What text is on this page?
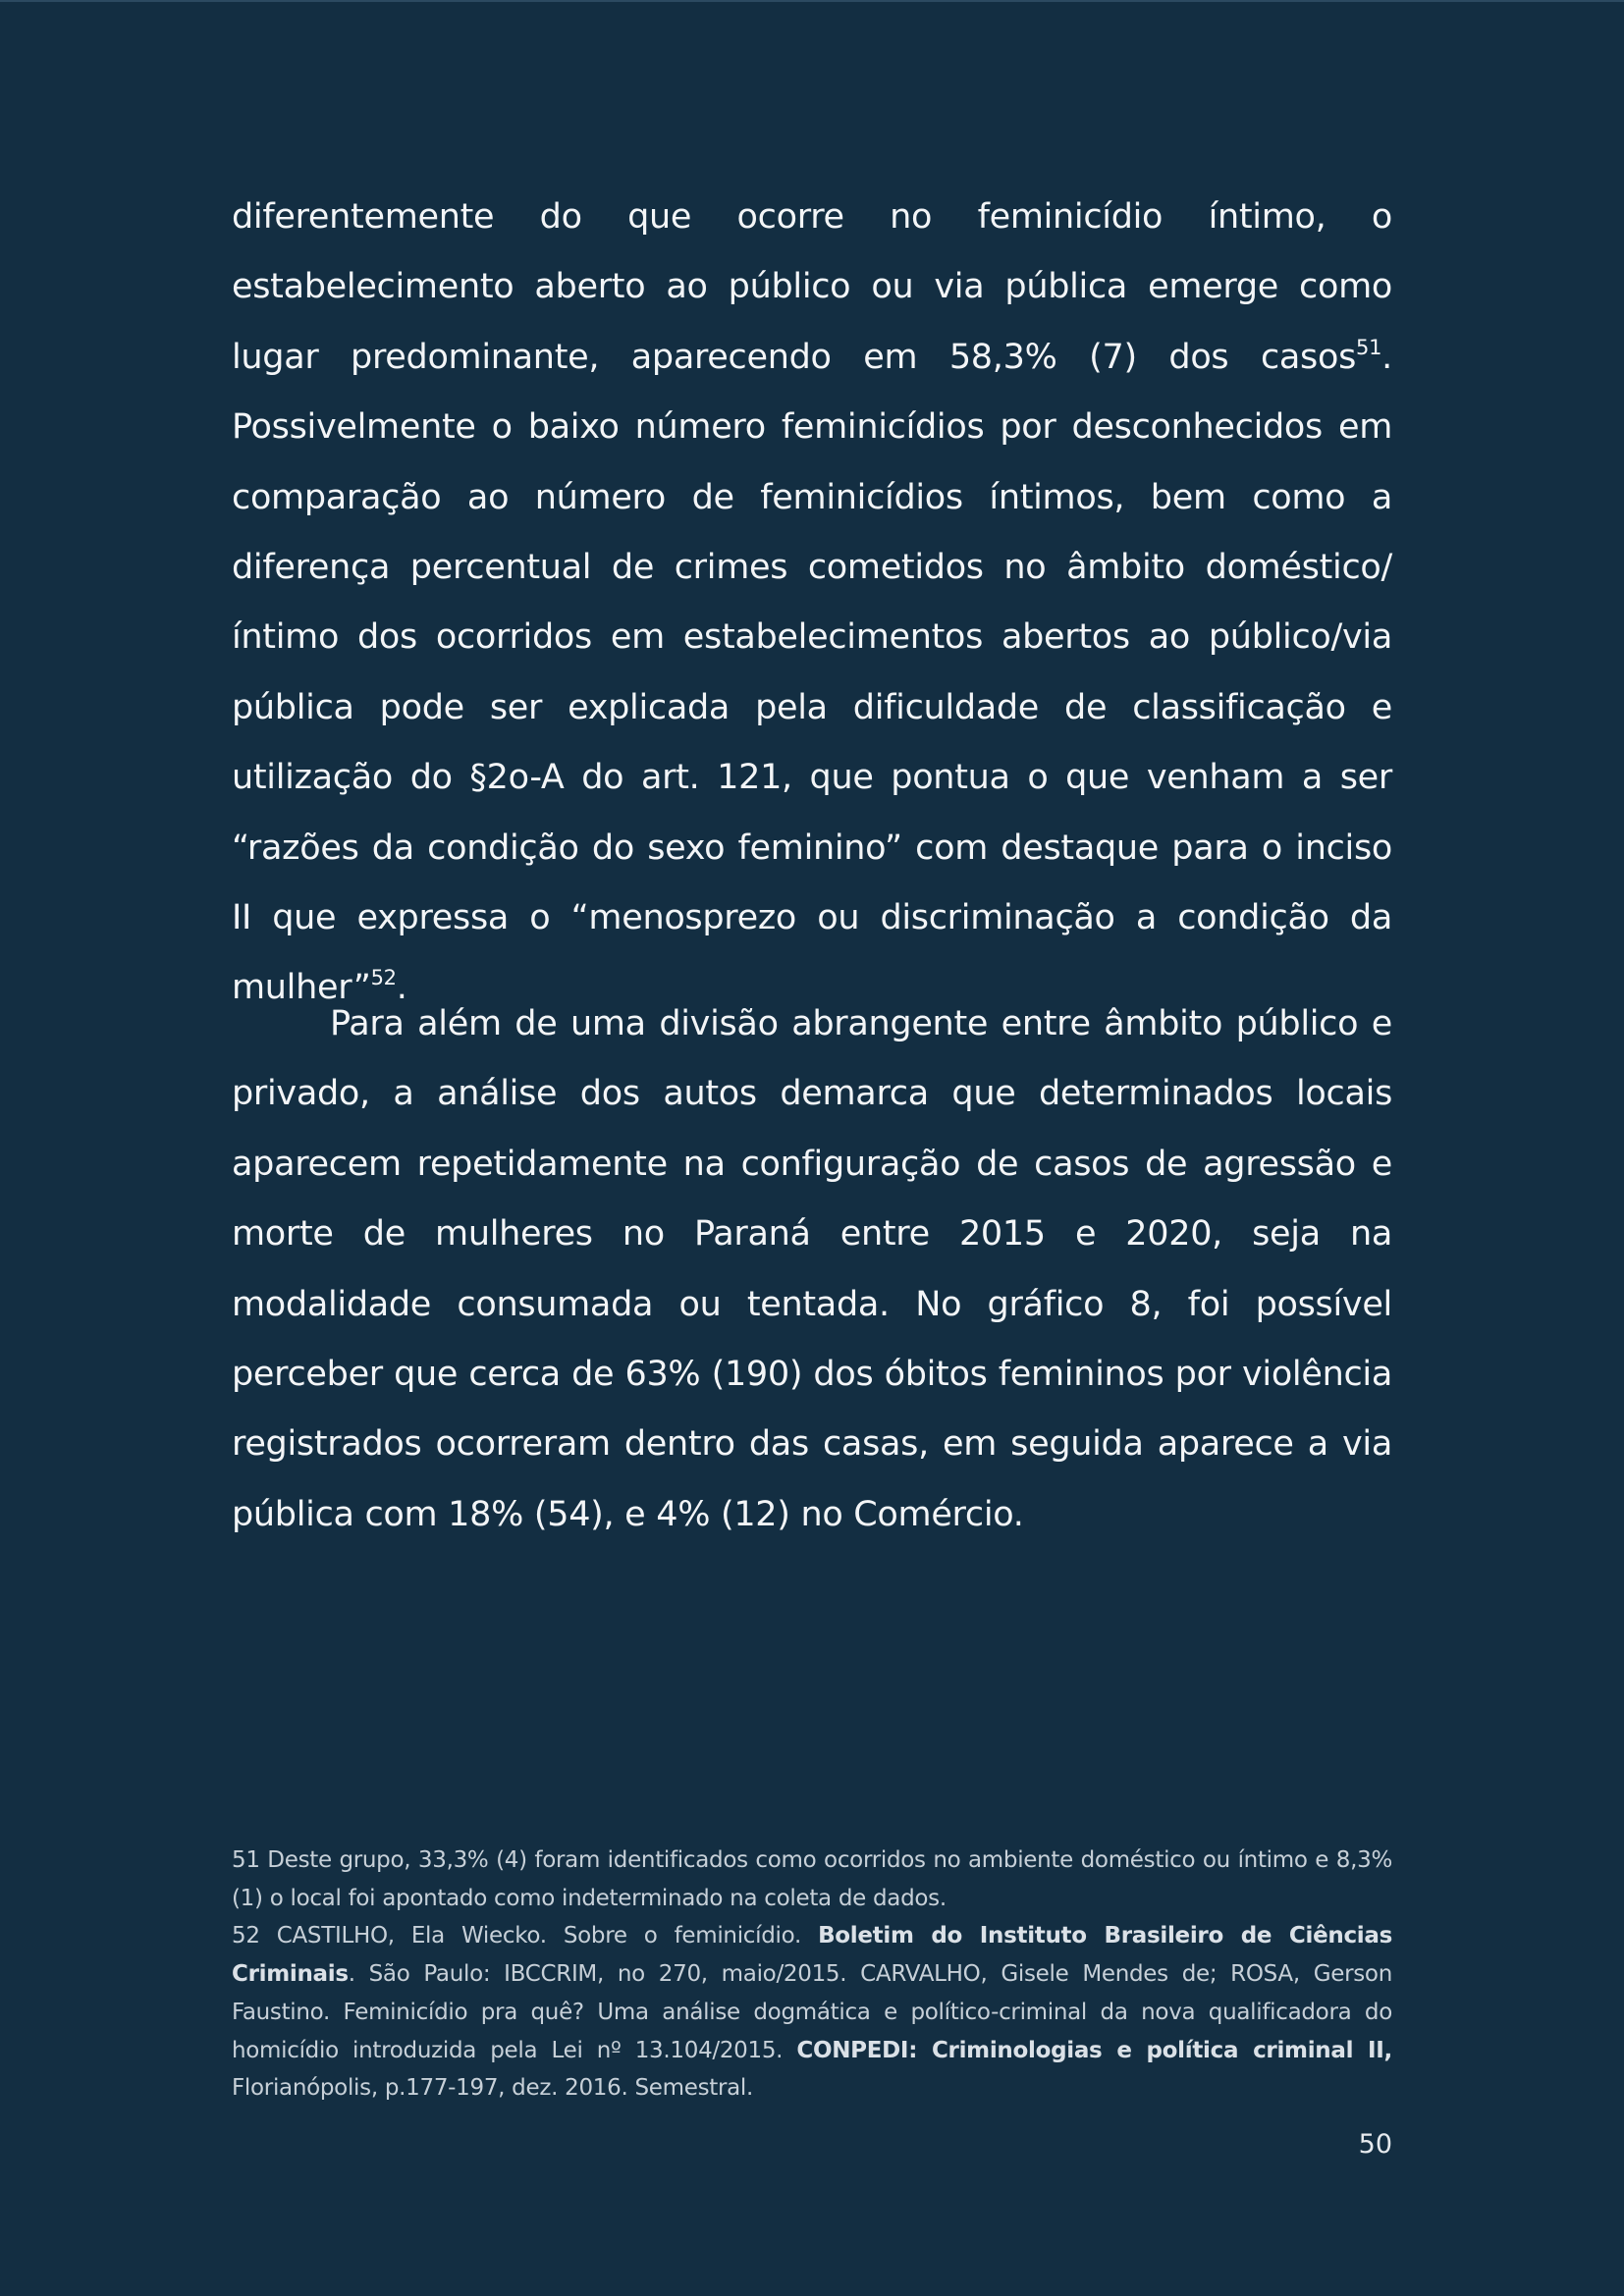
diferentemente do que ocorre no feminicídio íntimo, o estabelecimento aberto ao público ou via pública emerge como lugar predominante, aparecendo em 58,3% (7) dos casos$^{51}$. Possivelmente o baixo número feminicídios por desconhecidos em comparação ao número de feminicídios íntimos, bem como a diferença percentual de crimes cometidos no âmbito doméstico/íntimo dos ocorridos em estabelecimentos abertos ao público/via pública pode ser explicada pela dificuldade de classificação e utilização do §2o-A do art. 121, que pontua o que venham a ser “razões da condição do sexo feminino” com destaque para o inciso II que expressa o “menosprezo ou discriminação a condição da mulher”$^{52}$.

Para além de uma divisão abrangente entre âmbito público e privado, a análise dos autos demarca que determinados locais aparecem repetidamente na configuração de casos de agressão e morte de mulheres no Paraná entre 2015 e 2020, seja na modalidade consumada ou tentada. No gráfico 8, foi possível perceber que cerca de 63% (190) dos óbitos femininos por violência registrados ocorreram dentro das casas, em seguida aparece a via pública com 18% (54), e 4% (12) no Comércio.

51 Deste grupo, 33,3% (4) foram identificados como ocorridos no ambiente doméstico ou íntimo e 8,3% (1) o local foi apontado como indeterminado na coleta de dados.

52 CASTILHO, Ela Wiecko. Sobre o feminicídio. Boletim do Instituto Brasileiro de Ciências Criminais. São Paulo: IBCCRIM, no 270, maio/2015. CARVALHO, Gisele Mendes de; ROSA, Gerson Faustino. Feminicídio pra quê? Uma análise dogmática e político-criminal da nova qualificadora do homicídio introduzida pela Lei nº 13.104/2015. CONPEDI: Criminologias e política criminal II, Florianópolis, p.177-197, dez. 2016. Semestral.

50
